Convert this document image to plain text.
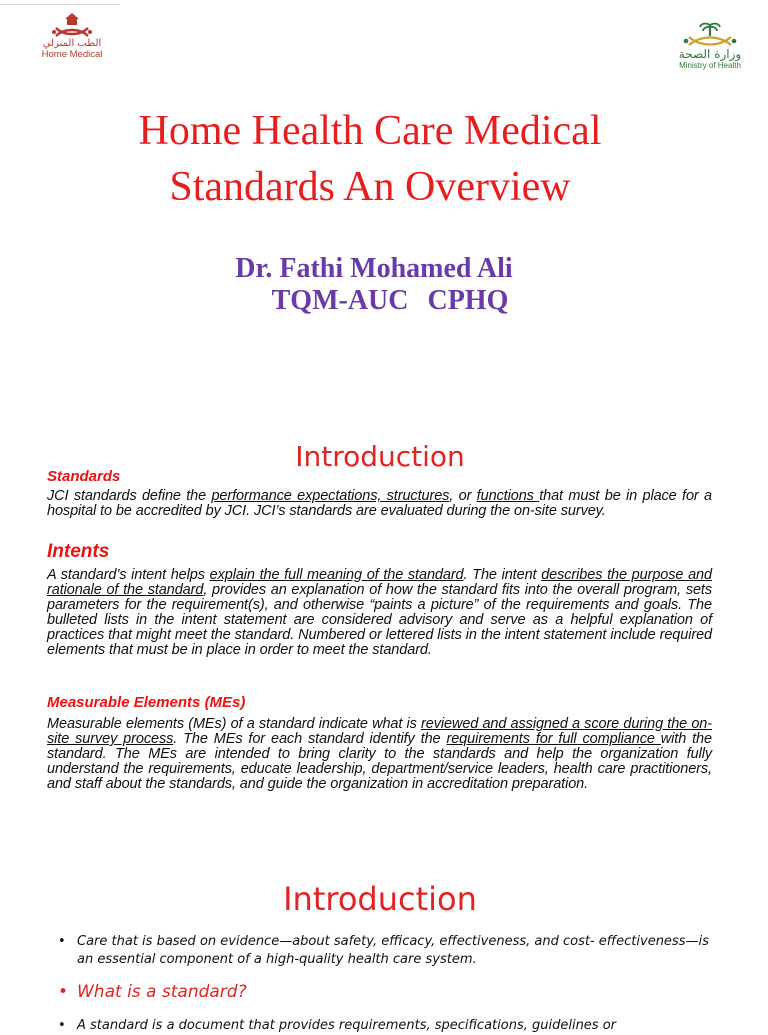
الطب المنزلي
Home Medical	وزارة الصحة
Ministry of Health
Home Health Care Medical
Standards An Overview
Dr. Fathi Mohamed Ali
TQM-AUC CPHQ
Introduction

Standards

JCI standards define the performance expectations, structures, or functions that must be in place for a hospital to be accredited by JCI. JCI’s standards are evaluated during the on-site survey.

Intents

A standard’s intent helps explain the full meaning of the standard. The intent describes the purpose and rationale of the standard, provides an explanation of how the standard fits into the overall program, sets parameters for the requirement(s), and otherwise “paints a picture” of the requirements and goals. The bulleted lists in the intent statement are considered advisory and serve as a helpful explanation of practices that might meet the standard. Numbered or lettered lists in the intent statement include required elements that must be in place in order to meet the standard.

Measurable Elements (MEs)

Measurable elements (MEs) of a standard indicate what is reviewed and assigned a score during the on-site survey process. The MEs for each standard identify the requirements for full compliance with the standard. The MEs are intended to bring clarity to the standards and help the organization fully understand the requirements, educate leadership, department/service leaders, health care practitioners, and staff about the standards, and guide the organization in accreditation preparation.

Introduction
• Care that is based on evidence—about safety, efficacy, effectiveness, and cost- effectiveness—is an essential component of a high-quality health care system.
• What is a standard?
• A standard is a document that provides requirements, specifications, guidelines or
